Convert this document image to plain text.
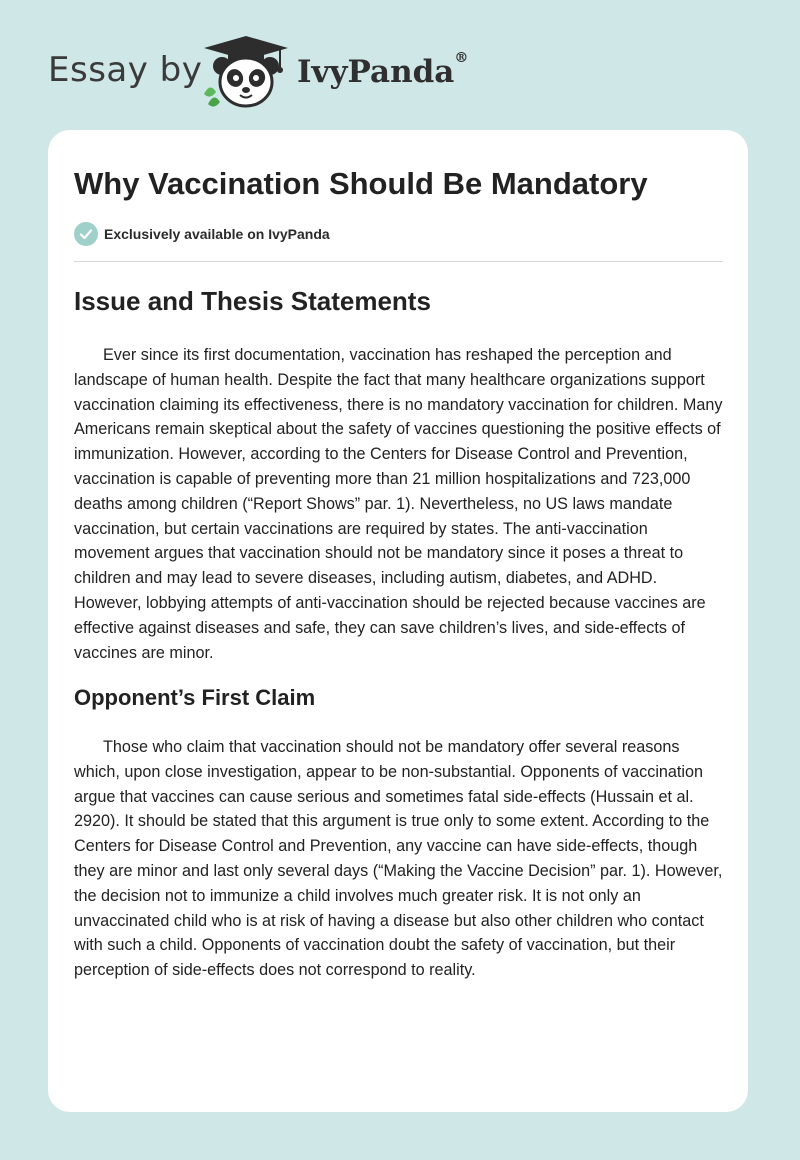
Essay by	IvyPanda®
Why Vaccination Should Be Mandatory
Exclusively available on IvyPanda
Issue and Thesis Statements

Ever since its first documentation, vaccination has reshaped the perception and landscape of human health. Despite the fact that many healthcare organizations support vaccination claiming its effectiveness, there is no mandatory vaccination for children. Many Americans remain skeptical about the safety of vaccines questioning the positive effects of immunization. However, according to the Centers for Disease Control and Prevention, vaccination is capable of preventing more than 21 million hospitalizations and 723,000 deaths among children (“Report Shows” par. 1). Nevertheless, no US laws mandate vaccination, but certain vaccinations are required by states. The anti-vaccination movement argues that vaccination should not be mandatory since it poses a threat to children and may lead to severe diseases, including autism, diabetes, and ADHD. However, lobbying attempts of anti-vaccination should be rejected because vaccines are effective against diseases and safe, they can save children’s lives, and side-effects of vaccines are minor.

Opponent’s First Claim

Those who claim that vaccination should not be mandatory offer several reasons which, upon close investigation, appear to be non-substantial. Opponents of vaccination argue that vaccines can cause serious and sometimes fatal side-effects (Hussain et al. 2920). It should be stated that this argument is true only to some extent. According to the Centers for Disease Control and Prevention, any vaccine can have side-effects, though they are minor and last only several days (“Making the Vaccine Decision” par. 1). However, the decision not to immunize a child involves much greater risk. It is not only an unvaccinated child who is at risk of having a disease but also other children who contact with such a child. Opponents of vaccination doubt the safety of vaccination, but their perception of side-effects does not correspond to reality.
